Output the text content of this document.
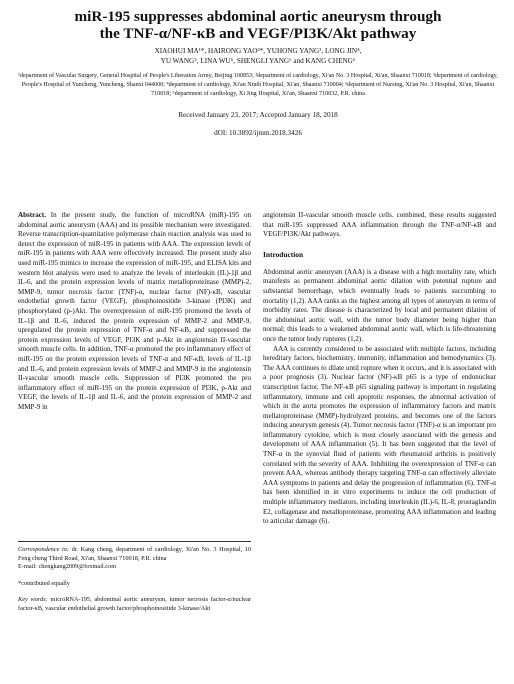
miR-195 suppresses abdominal aortic aneurysm through
the TNF-α/NF-κB and VEGF/PI3K/Akt pathway
XIAOHUI MA¹*, HAIRONG YAO²*, YUHONG YANG³, LONG JIN⁴,
YU WANG⁵, LINA WU⁶, SHENGLI YANG⁶ and KANG CHENG⁶
¹department of Vascular Surgery, General Hospital of People's Liberation Army, Beijing 100853; ²department of cardiology, Xi'an No. 3 Hospital, Xi'an, Shaanxi 710018; ³department of cardiology, People's Hospital of Yuncheng, Yuncheng, Shanxi 044000; ⁴department of cardiology, Xi'an Ninth Hospital, Xi'an, Shaanxi 710004; ⁵department of Nursing, Xi'an No. 3 Hospital, Xi'an, Shaanxi 710018; ⁶department of cardiology, Xi Jing Hospital, Xi'an, Shaanxi 710032, P.R. china
Received January 23, 2017; Accepted January 18, 2018
dOI: 10.3892/ijmm.2018.3426

Abstract. In the present study, the function of microRNA (miR)-195 on abdominal aortic aneurysm (AAA) and its possible mechanism were investigated. Reverse transcription-quantitative polymerase chain reaction analysis was used to detect the expression of miR-195 in patients with AAA. The expression levels of miR-195 in patients with AAA were effectively increased. The present study also used miR-195 mimics to increase the expression of miR-195, and ELISA kits and western blot analysis were used to analyze the levels of interleukin (IL)-1β and IL-6, and the protein expression levels of matrix metalloproteinase (MMP)-2, MMP-9, tumor necrosis factor (TNF)-α, nuclear factor (NF)-κB, vascular endothelial growth factor (VEGF), phosphoinositide 3-kinase (PI3K) and phosphorylated (p-)Akt. The overexpression of miR-195 promoted the levels of IL-1β and IL-6, induced the protein expression of MMP-2 and MMP-9, upregulated the protein expression of TNF-α and NF-κB, and suppressed the protein expression levels of VEGF, PI3K and p-Akt in angiotensin II-vascular smooth muscle cells. In addition, TNF-α promoted the pro inflammatory effect of miR-195 on the protein expression levels of TNF-α and NF-κB, levels of IL-1β and IL-6, and protein expression levels of MMP-2 and MMP-9 in the angiotensin II-vascular smooth muscle cells. Suppression of PI3K promoted the pro inflammatory effect of miR-195 on the protein expression of PI3K, p-Akt and VEGF, the levels of IL-1β and IL-6, and the protein expression of MMP-2 and MMP-9 in

Correspondence to: dr. Kang cheng, department of cardiology, Xi'an No. 3 Hospital, 10 Feng cheng Third Road, Xi'an, Shaanxi 710018, P.R. china

E-mail: chengkang2009@foxmail.com

*contributed equally

Key words: microRNA-195, abdominal aortic aneurysm, tumor necrosis factor-α/nuclear factor-κB, vascular endothelial growth factor/phosphoinositide 3-kinase/Akt

angiotensin II-vascular smooth muscle cells. combined, these results suggested that miR-195 suppressed AAA inflammation through the TNF-α/NF-κB and VEGF/PI3K/Akt pathways.

Introduction

Abdominal aortic aneurysm (AAA) is a disease with a high mortality rate, which manifests as permanent abdominal aortic dilation with potential rupture and substantial hemorrhage, which eventually leads to patients succumbing to mortality (1,2). AAA ranks as the highest among all types of aneurysm in terms of morbidity rates. The disease is characterized by local and permanent dilation of the abdominal aortic wall, with the tumor body diameter being higher than normal; this leads to a weakened abdominal aortic wall, which is life-threatening once the tumor body ruptures (1,2).

AAA is currently considered to be associated with multiple factors, including hereditary factors, biochemistry, immunity, inflammation and hemodynamics (3). The AAA continues to dilate until rupture when it occurs, and it is associated with a poor prognosis (3). Nuclear factor (NF)-κB p65 is a type of endonuclear transcription factor. The NF-κB p65 signaling pathway is important in regulating inflammatory, immune and cell apoptotic responses, the abnormal activation of which in the aorta promotes the expression of inflammatory factors and matrix mellatoproteinase (MMP)-hydrolyzed proteins, and becomes one of the factors inducing aneurysm genesis (4). Tumor necrosis factor (TNF)-α is an important pro inflammatory cytokine, which is most closely associated with the genesis and development of AAA inflammation (5). It has been suggested that the level of TNF-α in the synovial fluid of patients with rheumatoid arthritis is positively correlated with the severity of AAA. Inhibiting the overexpression of TNF-α can prevent AAA, whereas antibody therapy targeting TNF-α can effectively alleviate AAA symptoms in patients and delay the progression of inflammation (6). TNF-α has been identified in in vitro experiments to induce the cell production of multiple inflammatory mediators, including interleukin (IL)-6, IL-8, prostaglandin E2, collagenase and metalloproteinase, promoting AAA inflammation and leading to articular damage (6).
